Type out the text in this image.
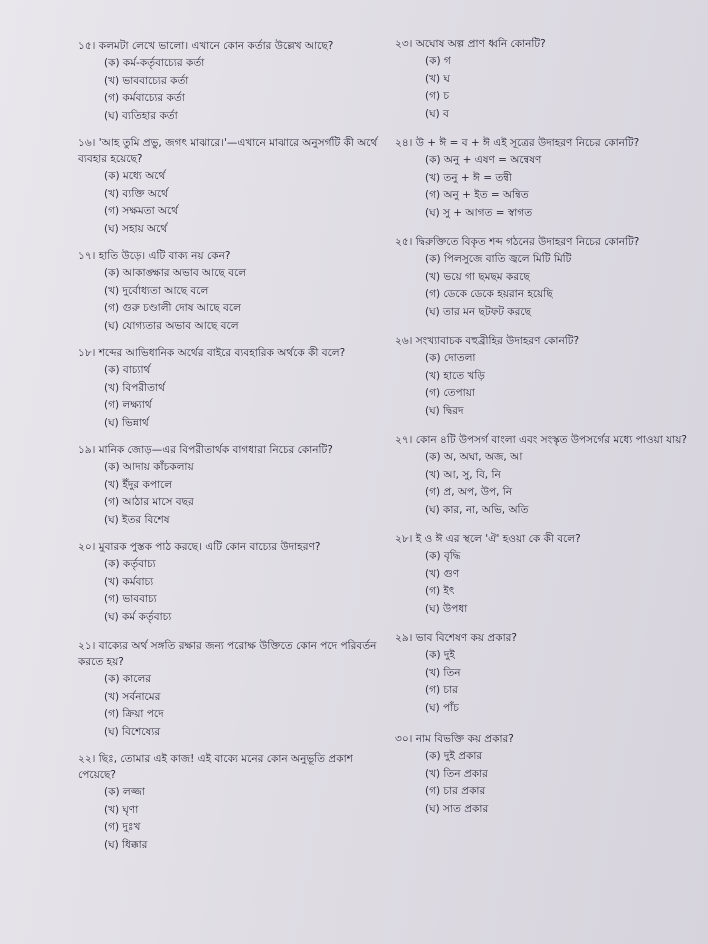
১৫। কলমটা লেখে ভালো। এখানে কোন কর্তার উল্লেখ আছে?
(ক) কর্ম-কর্তৃবাচ্যের কর্তা
(খ) ভাববাচ্যের কর্তা
(গ) কর্মবাচ্যের কর্তা
(ঘ) ব্যতিহার কর্তা
১৬। 'আহ তুমি প্রভু, জগৎ মাঝারে।'—এখানে মাঝারে অনুসর্গটি কী অর্থে ব্যবহার হয়েছে?
(ক) মধ্যে অর্থে
(খ) ব্যক্তি অর্থে
(গ) সক্ষমতা অর্থে
(ঘ) সহায় অর্থে
১৭। হাতি উড়ে। এটি বাক্য নয় কেন?
(ক) আকাঙ্ক্ষার অভাব আছে বলে
(খ) দুর্বোধ্যতা আছে বলে
(গ) গুরু চণ্ডালী দোষ আছে বলে
(ঘ) যোগ্যতার অভাব আছে বলে
১৮। শব্দের আভিধানিক অর্থের বাইরে ব্যবহারিক অর্থকে কী বলে?
(ক) বাচ্যার্থ
(খ) বিপরীতার্থ
(গ) লক্ষ্যার্থ
(ঘ) ভিন্নার্থ
১৯। মানিক জোড়—এর বিপরীতার্থক বাগধারা নিচের কোনটি?
(ক) আদায় কাঁচকলায়
(খ) ইঁদুর কপালে
(গ) আঠার মাসে বছর
(ঘ) ইতর বিশেষ
২০। মুবারক পুস্তক পাঠ করছে। এটি কোন বাচ্যের উদাহরণ?
(ক) কর্তৃবাচ্য
(খ) কর্মবাচ্য
(গ) ভাববাচ্য
(ঘ) কর্ম কর্তৃবাচ্য
২১। বাক্যের অর্থ সঙ্গতি রক্ষার জন্য পরোক্ষ উক্তিতে কোন পদে পরিবর্তন করতে হয়?
(ক) কালের
(খ) সর্বনামের
(গ) ক্রিয়া পদে
(ঘ) বিশেষ্যের
২২। ছিঃ, তোমার এই কাজ! এই বাক্যে মনের কোন অনুভূতি প্রকাশ পেয়েছে?
(ক) লজ্জা
(খ) ঘৃণা
(গ) দুঃখ
(ঘ) ধিক্কার
২৩। অঘোষ অল্প প্রাণ ধ্বনি কোনটি?
(ক) গ
(খ) ঘ
(গ) চ
(ঘ) ব
২৪। উ + ঈ = ব + ঈ এই সূত্রের উদাহরণ নিচের কোনটি?
(ক) অনু + এষণ = অন্বেষণ
(খ) তনু + ঈ = তন্বী
(গ) অনু + ইত = অন্বিত
(ঘ) সু + আগত = স্বাগত
২৫। দ্বিরুক্তিতে বিকৃত শব্দ গঠনের উদাহরণ নিচের কোনটি?
(ক) পিলসুজে বাতি জ্বলে মিটি মিটি
(খ) ভয়ে গা ছমছম করছে
(গ) ডেকে ডেকে হয়রান হয়েছি
(ঘ) তার মন ছটফট করছে
২৬। সংখ্যাবাচক বহুব্রীহির উদাহরণ কোনটি?
(ক) দোতলা
(খ) হাতে খড়ি
(গ) তেপায়া
(ঘ) দ্বিরদ
২৭। কোন ৪টি উপসর্গ বাংলা এবং সংস্কৃত উপসর্গের মধ্যে পাওয়া যায়?
(ক) অ, অঘা, অজ, আ
(খ) আ, সু, বি, নি
(গ) প্র, অপ, উপ, নি
(ঘ) কার, না, অভি, অতি
২৮। ই ও ঈ এর স্থলে 'ঐ' হওয়া কে কী বলে?
(ক) বৃদ্ধি
(খ) গুণ
(গ) ইৎ
(ঘ) উপধা
২৯। ভাব বিশেষণ কয় প্রকার?
(ক) দুই
(খ) তিন
(গ) চার
(ঘ) পাঁচ
৩০। নাম বিভক্তি কয় প্রকার?
(ক) দুই প্রকার
(খ) তিন প্রকার
(গ) চার প্রকার
(ঘ) সাত প্রকার
